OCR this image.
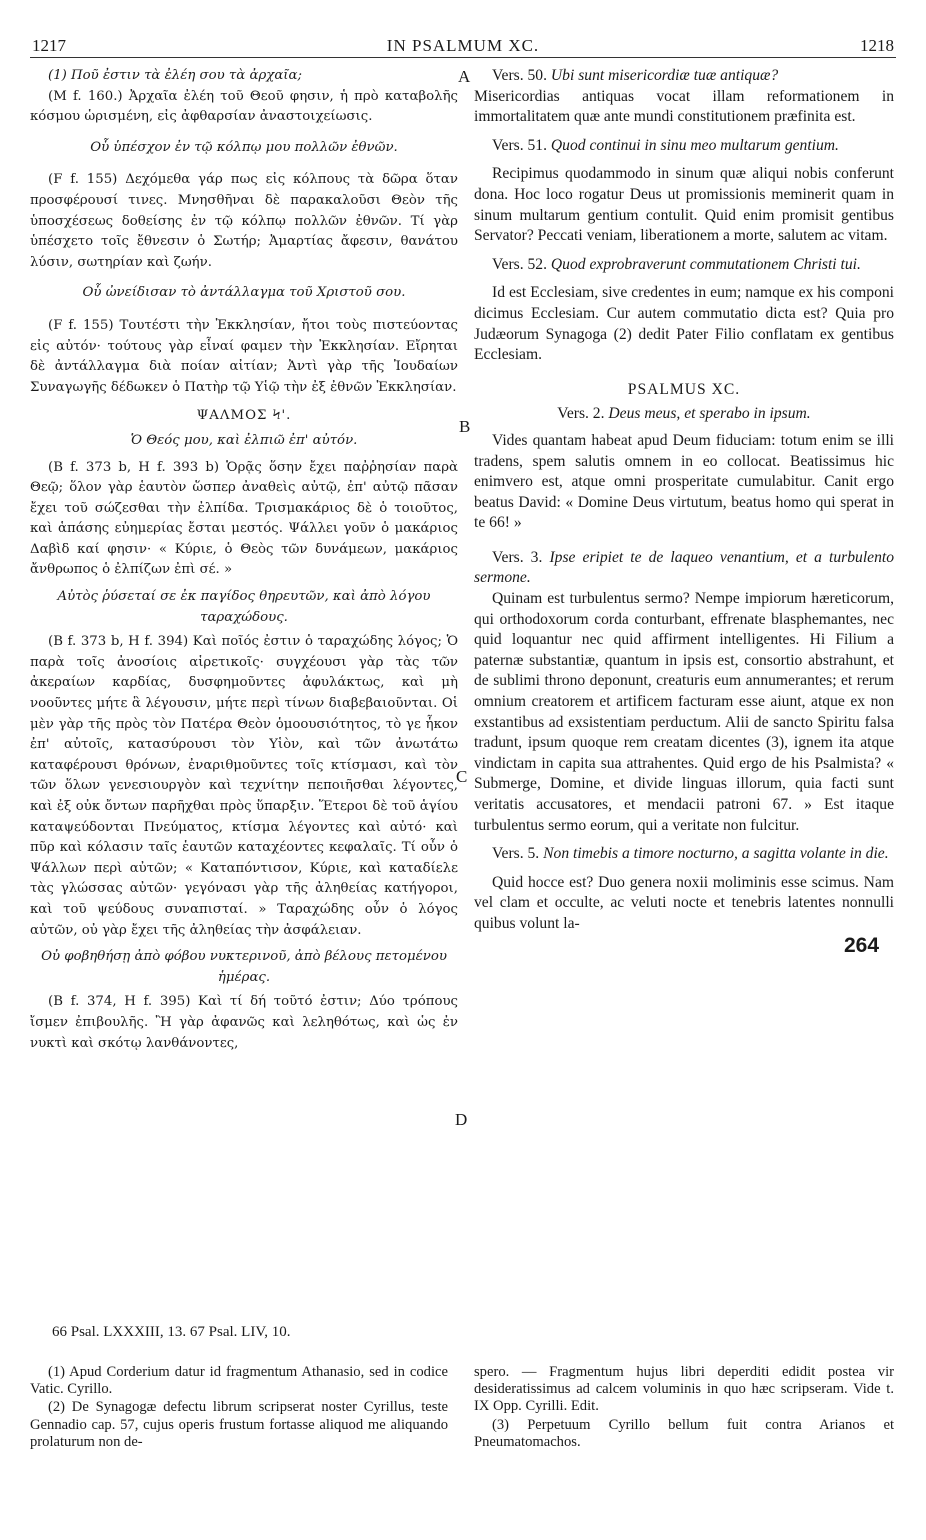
1217	IN PSALMUM XC.	1218
A
B
C
D
264

(1) Ποῦ ἐστιν τὰ ἐλέη σου τὰ ἀρχαῖα;

(M f. 160.) Ἀρχαῖα ἐλέη τοῦ Θεοῦ φησιν, ἡ πρὸ καταβολῆς κόσμου ὡρισμένη, εἰς ἀφθαρσίαν ἀναστοιχείωσις.

Οὗ ὑπέσχον ἐν τῷ κόλπῳ μου πολλῶν ἐθνῶν.

(F f. 155) Δεχόμεθα γάρ πως εἰς κόλπους τὰ δῶρα ὅταν προσφέρουσί τινες. Μνησθῆναι δὲ παρακαλοῦσι Θεὸν τῆς ὑποσχέσεως δοθείσης ἐν τῷ κόλπῳ πολλῶν ἐθνῶν. Τί γὰρ ὑπέσχετο τοῖς ἔθνεσιν ὁ Σωτήρ; Ἀμαρτίας ἄφεσιν, θανάτου λύσιν, σωτηρίαν καὶ ζωήν.

Οὗ ὠνείδισαν τὸ ἀντάλλαγμα τοῦ Χριστοῦ σου.

(F f. 155) Τουτέστι τὴν Ἐκκλησίαν, ἤτοι τοὺς πιστεύοντας εἰς αὐτόν· τούτους γὰρ εἶναί φαμεν τὴν Ἐκκλησίαν. Εἴρηται δὲ ἀντάλλαγμα διὰ ποίαν αἰτίαν; Ἀντὶ γὰρ τῆς Ἰουδαίων Συναγωγῆς δέδωκεν ὁ Πατὴρ τῷ Υἱῷ τὴν ἐξ ἐθνῶν Ἐκκλησίαν.

ΨΑΛΜΟΣ Ϟ'.

Ὁ Θεός μου, καὶ ἐλπιῶ ἐπ' αὐτόν.

(B f. 373 b, H f. 393 b) Ὁρᾷς ὅσην ἔχει παῤῥησίαν παρὰ Θεῷ; ὅλον γὰρ ἑαυτὸν ὥσπερ ἀναθεὶς αὐτῷ, ἐπ' αὐτῷ πᾶσαν ἔχει τοῦ σώζεσθαι τὴν ἐλπίδα. Τρισμακάριος δὲ ὁ τοιοῦτος, καὶ ἁπάσης εὐημερίας ἔσται μεστός. Ψάλλει γοῦν ὁ μακάριος Δαβὶδ καί φησιν· « Κύριε, ὁ Θεὸς τῶν δυνάμεων, μακάριος ἄνθρωπος ὁ ἐλπίζων ἐπὶ σέ. »

Αὐτὸς ῥύσεταί σε ἐκ παγίδος θηρευτῶν, καὶ ἀπὸ λόγου ταραχώδους.

(B f. 373 b, H f. 394) Καὶ ποῖός ἐστιν ὁ ταραχώδης λόγος; Ὁ παρὰ τοῖς ἀνοσίοις αἱρετικοῖς· συγχέουσι γὰρ τὰς τῶν ἀκεραίων καρδίας, δυσφημοῦντες ἀφυλάκτως, καὶ μὴ νοοῦντες μήτε ἃ λέγουσιν, μήτε περὶ τίνων διαβεβαιοῦνται. Οἱ μὲν γὰρ τῆς πρὸς τὸν Πατέρα Θεὸν ὁμοουσιότητος, τὸ γε ἧκον ἐπ' αὐτοῖς, κατασύρουσι τὸν Υἱὸν, καὶ τῶν ἀνωτάτω καταφέρουσι θρόνων, ἐναριθμοῦντες τοῖς κτίσμασι, καὶ τὸν τῶν ὅλων γενεσιουργὸν καὶ τεχνίτην πεποιῆσθαι λέγοντες, καὶ ἐξ οὐκ ὄντων παρῆχθαι πρὸς ὕπαρξιν. Ἕτεροι δὲ τοῦ ἁγίου καταψεύδονται Πνεύματος, κτίσμα λέγοντες καὶ αὐτό· καὶ πῦρ καὶ κόλασιν ταῖς ἑαυτῶν καταχέοντες κεφαλαῖς. Τί οὖν ὁ Ψάλλων περὶ αὐτῶν; « Καταπόντισον, Κύριε, καὶ καταδίελε τὰς γλώσσας αὐτῶν· γεγόνασι γὰρ τῆς ἀληθείας κατήγοροι, καὶ τοῦ ψεύδους συναπισταί. » Ταραχώδης οὖν ὁ λόγος αὐτῶν, οὐ γὰρ ἔχει τῆς ἀληθείας τὴν ἀσφάλειαν.

Οὐ φοβηθήσῃ ἀπὸ φόβου νυκτερινοῦ, ἀπὸ βέλους πετομένου ἡμέρας.

(B f. 374, H f. 395) Καὶ τί δή τοῦτό ἐστιν; Δύο τρόπους ἴσμεν ἐπιβουλῆς. Ἢ γὰρ ἀφανῶς καὶ λεληθότως, καὶ ὡς ἐν νυκτὶ καὶ σκότῳ λανθάνοντες,

Vers. 50. Ubi sunt misericordiæ tuæ antiquæ?

Misericordias antiquas vocat illam reformationem in immortalitatem quæ ante mundi constitutionem præfinita est.

Vers. 51. Quod continui in sinu meo multarum gentium.

Recipimus quodammodo in sinum quæ aliqui nobis conferunt dona. Hoc loco rogatur Deus ut promissionis meminerit quam in sinum multarum gentium contulit. Quid enim promisit gentibus Servator? Peccati veniam, liberationem a morte, salutem ac vitam.

Vers. 52. Quod exprobraverunt commutationem Christi tui.

Id est Ecclesiam, sive credentes in eum; namque ex his componi dicimus Ecclesiam. Cur autem commutatio dicta est? Quia pro Judæorum Synagoga (2) dedit Pater Filio conflatam ex gentibus Ecclesiam.

PSALMUS XC.

Vers. 2. Deus meus, et sperabo in ipsum.

Vides quantam habeat apud Deum fiduciam: totum enim se illi tradens, spem salutis omnem in eo collocat. Beatissimus hic enimvero est, atque omni prosperitate cumulabitur. Canit ergo beatus David: « Domine Deus virtutum, beatus homo qui sperat in te 66! »

Vers. 3. Ipse eripiet te de laqueo venantium, et a turbulento sermone.

Quinam est turbulentus sermo? Nempe impiorum hæreticorum, qui orthodoxorum corda conturbant, effrenate blasphemantes, nec quid loquantur nec quid affirment intelligentes. Hi Filium a paternæ substantiæ, quantum in ipsis est, consortio abstrahunt, et de sublimi throno deponunt, creaturis eum annumerantes; et rerum omnium creatorem et artificem facturam esse aiunt, atque ex non exstantibus ad exsistentiam perductum. Alii de sancto Spiritu falsa tradunt, ipsum quoque rem creatam dicentes (3), ignem ita atque vindictam in capita sua attrahentes. Quid ergo de his Psalmista? « Submerge, Domine, et divide linguas illorum, quia facti sunt veritatis accusatores, et mendacii patroni 67. » Est itaque turbulentus sermo eorum, qui a veritate non fulcitur.

Vers. 5. Non timebis a timore nocturno, a sagitta volante in die.

Quid hocce est? Duo genera noxii moliminis esse scimus. Nam vel clam et occulte, ac veluti nocte et tenebris latentes nonnulli quibus volunt la-

66 Psal. LXXXIII, 13. 67 Psal. LIV, 10.

(1) Apud Corderium datur id fragmentum Athanasio, sed in codice Vatic. Cyrillo.

(2) De Synagogæ defectu librum scripserat noster Cyrillus, teste Gennadio cap. 57, cujus operis frustum fortasse aliquod me aliquando prolaturum non de-

spero. — Fragmentum hujus libri deperditi edidit postea vir desideratissimus ad calcem voluminis in quo hæc scripseram. Vide t. IX Opp. Cyrilli. Edit.

(3) Perpetuum Cyrillo bellum fuit contra Arianos et Pneumatomachos.
